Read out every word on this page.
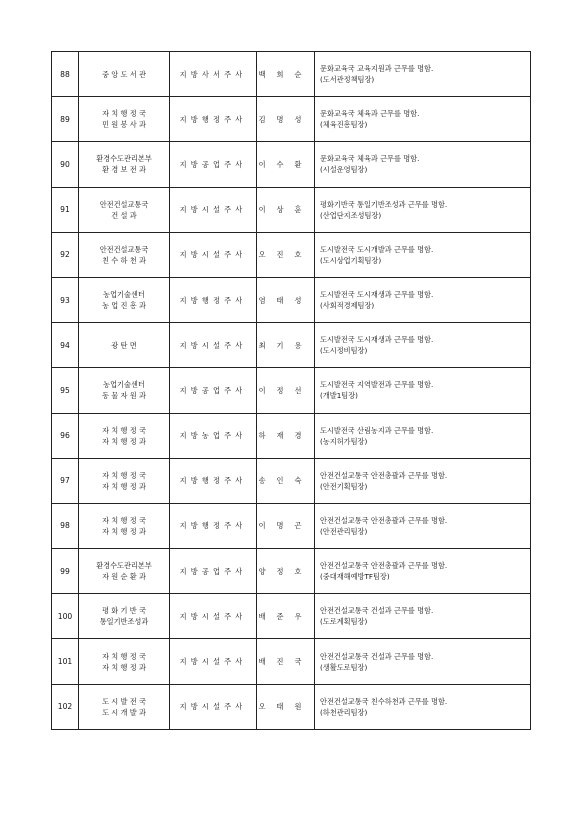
88	중 앙 도 서 관	지방사서주사	백희순	문화교육국 교육지원과 근무를 명함.
(도서관정책팀장)

89	자 치 행 정 국
민 원 봉 사 과	지방행정주사	김명성	문화교육국 체육과 근무를 명함.
(체육진흥팀장)

90	환경수도관리본부
환 경 보 전 과	지방공업주사	이수환	문화교육국 체육과 근무를 명함.
(시설운영팀장)

91	안전건설교통국
건 설 과	지방시설주사	이상훈	평화기반국 통일기반조성과 근무를 명함.
(산업단지조성팀장)

92	안전건설교통국
친 수 하 천 과	지방시설주사	오진호	도시발전국 도시개발과 근무를 명함.
(도시상업기획팀장)

93	농업기술센터
농 업 진 흥 과	지방행정주사	염태성	도시발전국 도시재생과 근무를 명함.
(사회적경제팀장)

94	광 탄 면	지방시설주사	최기용	도시발전국 도시재생과 근무를 명함.
(도시정비팀장)

95	농업기술센터
동 물 자 원 과	지방공업주사	이정선	도시발전국 지역발전과 근무를 명함.
(개발1팀장)

96	자 치 행 정 국
자 치 행 정 과	지방농업주사	하재경	도시발전국 산림농지과 근무를 명함.
(농지허가팀장)

97	자 치 행 정 국
자 치 행 정 과	지방행정주사	송인숙	안전건설교통국 안전총괄과 근무를 명함.
(안전기획팀장)

98	자 치 행 정 국
자 치 행 정 과	지방행정주사	이명곤	안전건설교통국 안전총괄과 근무를 명함.
(안전관리팀장)

99	환경수도관리본부
자 원 순 환 과	지방공업주사	양정호	안전건설교통국 안전총괄과 근무를 명함.
(중대재해예방TF팀장)

100	평 화 기 반 국
통일기반조성과	지방시설주사	배준우	안전건설교통국 건설과 근무를 명함.
(도로계획팀장)

101	자 치 행 정 국
자 치 행 정 과	지방시설주사	배진국	안전건설교통국 건설과 근무를 명함.
(생활도로팀장)

102	도 시 발 전 국
도 시 개 발 과	지방시설주사	오태원	안전건설교통국 친수하천과 근무를 명함.
(하천관리팀장)
